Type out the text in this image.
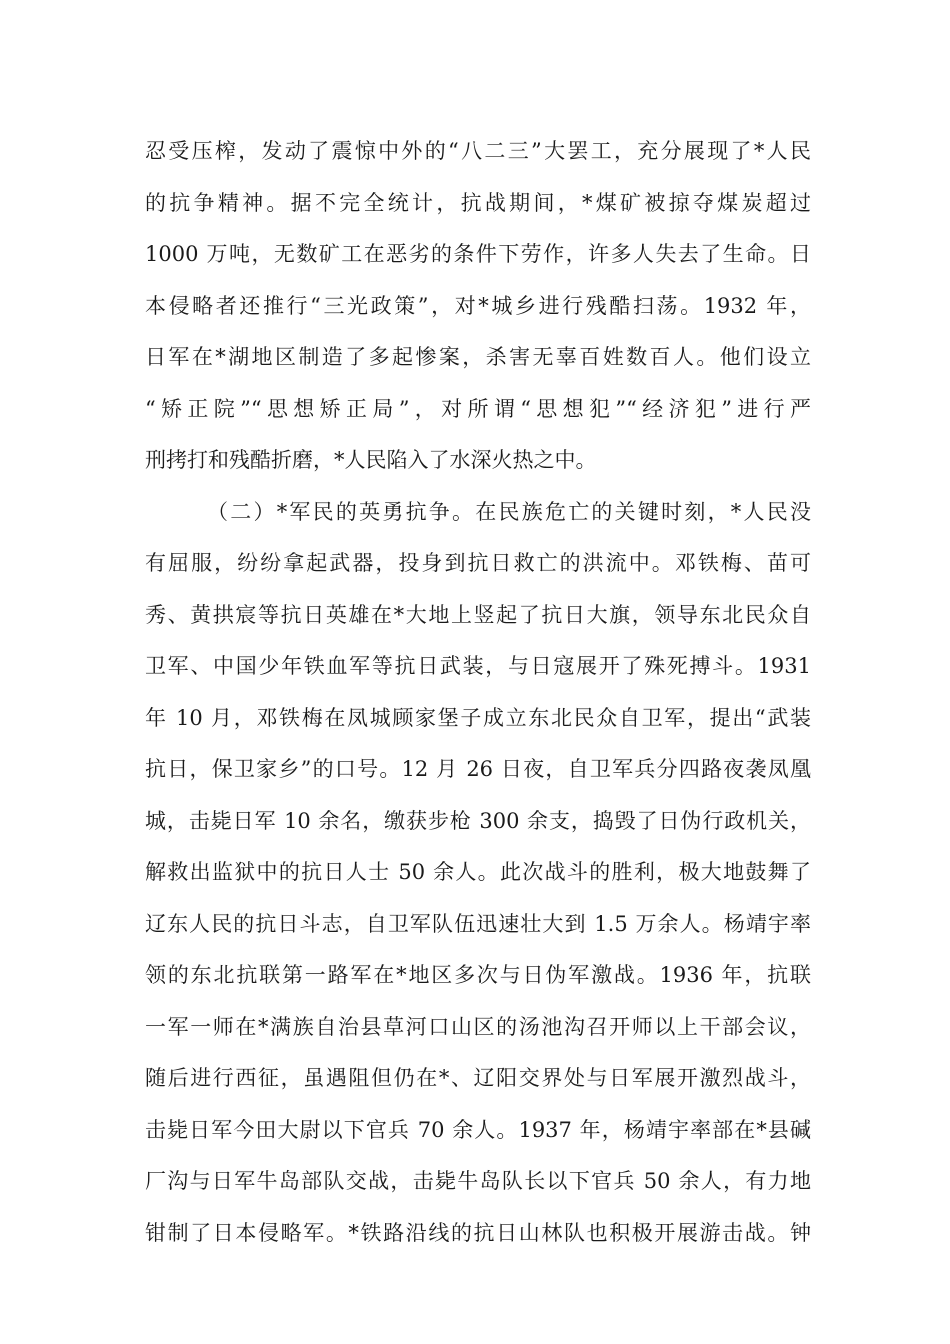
忍受压榨，发动了震惊中外的“八二三”大罢工，充分展现了*人民
的抗争精神。据不完全统计，抗战期间，*煤矿被掠夺煤炭超过
1000 万吨，无数矿工在恶劣的条件下劳作，许多人失去了生命。日
本侵略者还推行“三光政策”，对*城乡进行残酷扫荡。1932 年，
日军在*湖地区制造了多起惨案，杀害无辜百姓数百人。他们设立
“矫正院”“思想矫正局”，对所谓“思想犯”“经济犯”进行严
刑拷打和残酷折磨，*人民陷入了水深火热之中。
（二）*军民的英勇抗争。在民族危亡的关键时刻，*人民没
有屈服，纷纷拿起武器，投身到抗日救亡的洪流中。邓铁梅、苗可
秀、黄拱宸等抗日英雄在*大地上竖起了抗日大旗，领导东北民众自
卫军、中国少年铁血军等抗日武装，与日寇展开了殊死搏斗。1931
年 10 月，邓铁梅在凤城顾家堡子成立东北民众自卫军，提出“武装
抗日，保卫家乡”的口号。12 月 26 日夜，自卫军兵分四路夜袭凤凰
城，击毙日军 10 余名，缴获步枪 300 余支，捣毁了日伪行政机关，
解救出监狱中的抗日人士 50 余人。此次战斗的胜利，极大地鼓舞了
辽东人民的抗日斗志，自卫军队伍迅速壮大到 1.5 万余人。杨靖宇率
领的东北抗联第一路军在*地区多次与日伪军激战。1936 年，抗联
一军一师在*满族自治县草河口山区的汤池沟召开师以上干部会议，
随后进行西征，虽遇阻但仍在*、辽阳交界处与日军展开激烈战斗，
击毙日军今田大尉以下官兵 70 余人。1937 年，杨靖宇率部在*县碱
厂沟与日军牛岛部队交战，击毙牛岛队长以下官兵 50 余人，有力地
钳制了日本侵略军。*铁路沿线的抗日山林队也积极开展游击战。钟
